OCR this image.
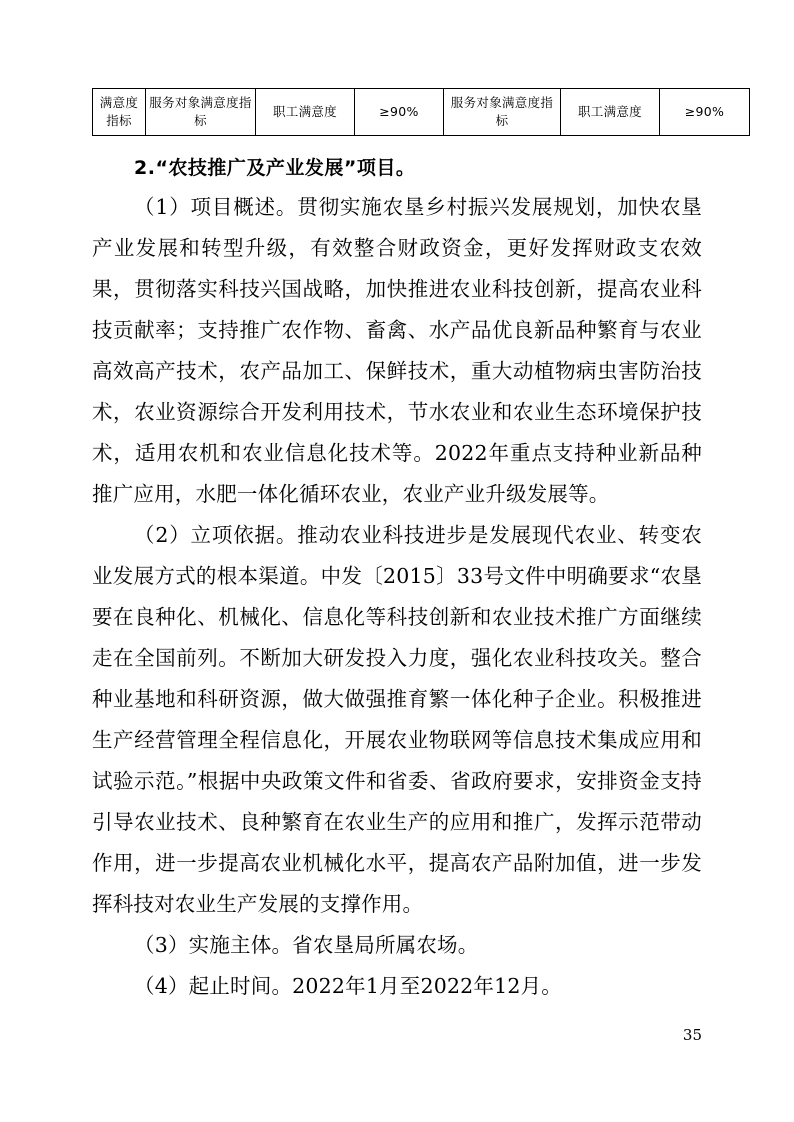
满意度指标	服务对象满意度指标	职工满意度	≥90%	服务对象满意度指标	职工满意度	≥90%
2.“农技推广及产业发展”项目。

（1）项目概述。贯彻实施农垦乡村振兴发展规划，加快农垦产业发展和转型升级，有效整合财政资金，更好发挥财政支农效果，贯彻落实科技兴国战略，加快推进农业科技创新，提高农业科技贡献率；支持推广农作物、畜禽、水产品优良新品种繁育与农业高效高产技术，农产品加工、保鲜技术，重大动植物病虫害防治技术，农业资源综合开发利用技术，节水农业和农业生态环境保护技术，适用农机和农业信息化技术等。2022年重点支持种业新品种推广应用，水肥一体化循环农业，农业产业升级发展等。

（2）立项依据。推动农业科技进步是发展现代农业、转变农业发展方式的根本渠道。中发〔2015〕33号文件中明确要求“农垦要在良种化、机械化、信息化等科技创新和农业技术推广方面继续走在全国前列。不断加大研发投入力度，强化农业科技攻关。整合种业基地和科研资源，做大做强推育繁一体化种子企业。积极推进生产经营管理全程信息化，开展农业物联网等信息技术集成应用和试验示范。”根据中央政策文件和省委、省政府要求，安排资金支持引导农业技术、良种繁育在农业生产的应用和推广，发挥示范带动作用，进一步提高农业机械化水平，提高农产品附加值，进一步发挥科技对农业生产发展的支撑作用。

（3）实施主体。省农垦局所属农场。

（4）起止时间。2022年1月至2022年12月。

35
